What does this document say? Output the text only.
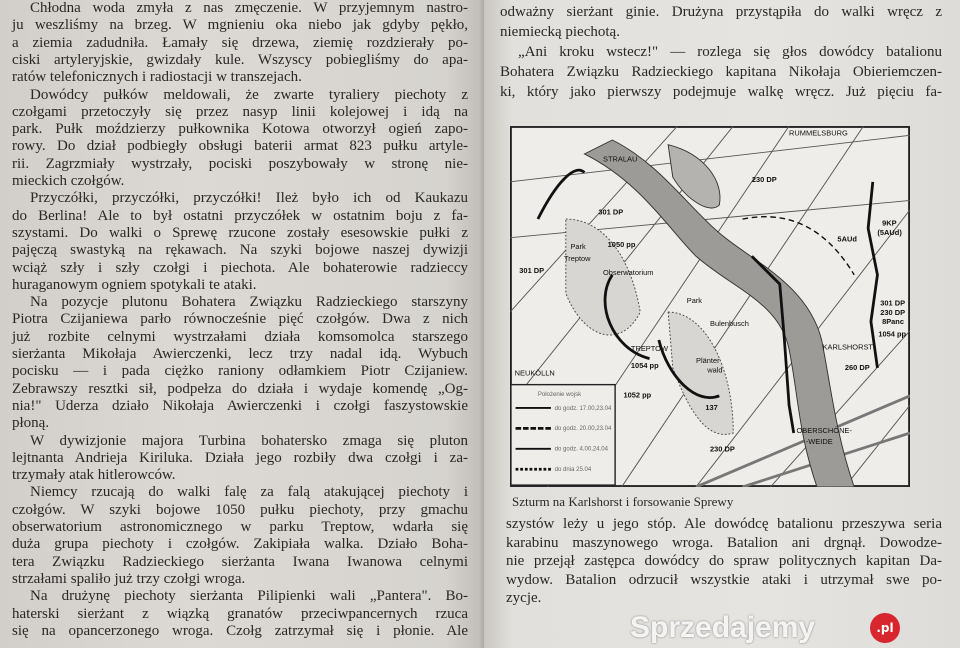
Chłodna woda zmyła z nas zmęczenie. W przyjemnym nastro-
ju weszliśmy na brzeg. W mgnieniu oka niebo jak gdyby pękło,
a ziemia zadudniła. Łamały się drzewa, ziemię rozdzierały po-
ciski artyleryjskie, gwizdały kule. Wszyscy pobiegliśmy do apa-
ratów telefonicznych i radiostacji w transzejach.
Dowódcy pułków meldowali, że zwarte tyraliery piechoty z
czołgami przetoczyły się przez nasyp linii kolejowej i idą na
park. Pułk moździerzy pułkownika Kotowa otworzył ogień zapo-
rowy. Do dział podbiegły obsługi baterii armat 823 pułku artyle-
rii. Zagrzmiały wystrzały, pociski poszybowały w stronę nie-
mieckich czołgów.
Przyczółki, przyczółki, przyczółki! Ileż było ich od Kaukazu
do Berlina! Ale to był ostatni przyczółek w ostatnim boju z fa-
szystami. Do walki o Sprewę rzucone zostały esesowskie pułki z
pajęczą swastyką na rękawach. Na szyki bojowe naszej dywizji
wciąż szły i szły czołgi i piechota. Ale bohaterowie radzieccy
huraganowym ogniem spotykali te ataki.
Na pozycje plutonu Bohatera Związku Radzieckiego starszyny
Piotra Czijaniewa parło równocześnie pięć czołgów. Dwa z nich
już rozbite celnymi wystrzałami działa komsomolca starszego
sierżanta Mikołaja Awierczenki, lecz trzy nadal idą. Wybuch
pocisku — i pada ciężko raniony odłamkiem Piotr Czijaniew.
Zebrawszy resztki sił, podpełza do działa i wydaje komendę „Og-
nia!" Uderza działo Nikołaja Awierczenki i czołgi faszystowskie
płoną.
W dywizjonie majora Turbina bohatersko zmaga się pluton
lejtnanta Andrieja Kiriluka. Działa jego rozbiły dwa czołgi i za-
trzymały atak hitlerowców.
Niemcy rzucają do walki falę za falą atakującej piechoty i
czołgów. W szyki bojowe 1050 pułku piechoty, przy gmachu
obserwatorium astronomicznego w parku Treptow, wdarła się
duża grupa piechoty i czołgów. Zakipiała walka. Działo Boha-
tera Związku Radzieckiego sierżanta Iwana Iwanowa celnymi
strzałami spaliło już trzy czołgi wroga.
Na drużynę piechoty sierżanta Pilipienki wali „Pantera". Bo-
haterski sierżant z wiązką granatów przeciwpancernych rzuca
się na opancerzonego wroga. Czołg zatrzymał się i płonie. Ale
odważny sierżant ginie. Drużyna przystąpiła do walki wręcz z
niemiecką piechotą.
„Ani kroku wstecz!" — rozlega się głos dowódcy batalionu
Bohatera Związku Radzieckiego kapitana Nikołaja Obieriemczen-
ki, który jako pierwszy podejmuje walkę wręcz. Już pięciu fa-
szystów leży u jego stóp. Ale dowódcę batalionu przeszywa seria
karabinu maszynowego wroga. Batalion ani drgnął. Dowodze-
nie przejął zastępca dowódcy do spraw politycznych kapitan Da-
wydow. Batalion odrzucił wszystkie ataki i utrzymał swe po-
zycje.
Położenie wojsk
do godz. 17.00,23.04
do godz. 20.00,23.04
do godz. 4.00,24.04
do dnia 25.04
RUMMELSBURG
STRALAU
TREPTOW	KARLSHORST
NEUKÖLLN
OBERSCHÖNE-
-WEIDE
Park
Treptow
Obserwatorium
Park
Plänter
wald
Bulenbusch
9KP
(5AUd)
5AUd
301 DP
230 DP
230 DP
301 DP
1050 pp
1054 pp
1052 pp
301 DP
230 DP
8Panc
1054 pp
260 DP
137
Szturm na Karlshorst i forsowanie Sprewy
Sprzedajemy	.pl
